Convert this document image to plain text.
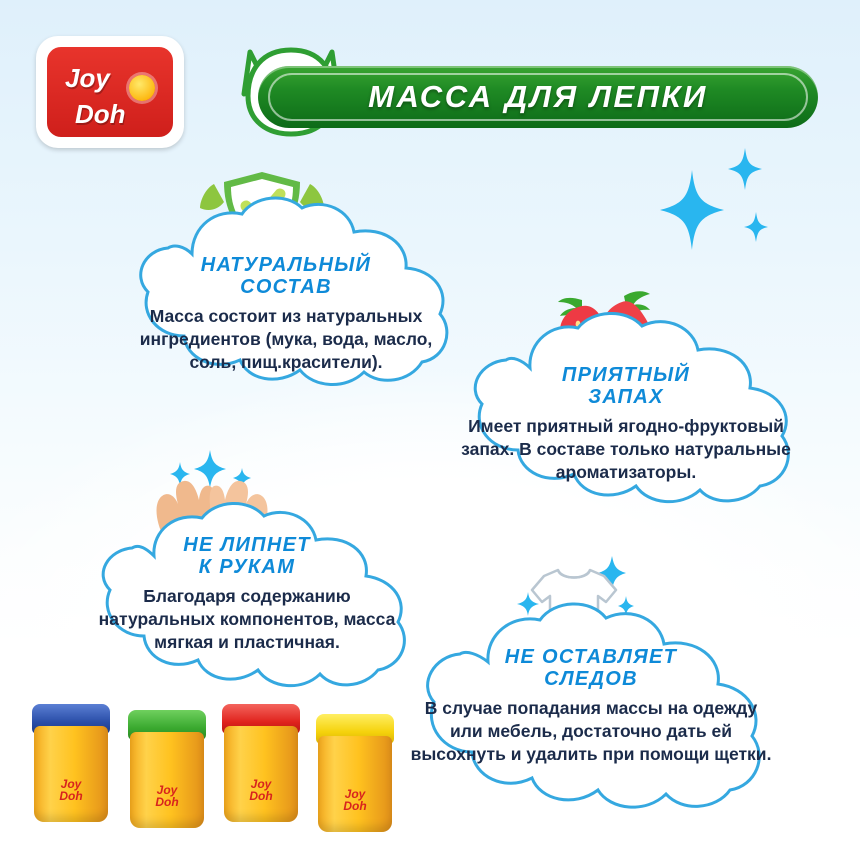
Joy
Doh	МАССА ДЛЯ ЛЕПКИ
НАТУРАЛЬНЫЙ
СОСТАВ
Масса состоит из натуральных ингредиентов (мука, вода, масло, соль, пищ.красители).
ПРИЯТНЫЙ
ЗАПАХ
Имеет приятный ягодно-фруктовый запах. В составе только натуральные ароматизаторы.
НЕ ЛИПНЕТ
К РУКАМ
Благодаря содержанию натуральных компонентов, масса мягкая и пластичная.
НЕ ОСТАВЛЯЕТ
СЛЕДОВ
В случае попадания массы на одежду или мебель, достаточно дать ей высохнуть и удалить при помощи щетки.
Joy
Doh	Joy
Doh
Joy
Doh	Joy
Doh
